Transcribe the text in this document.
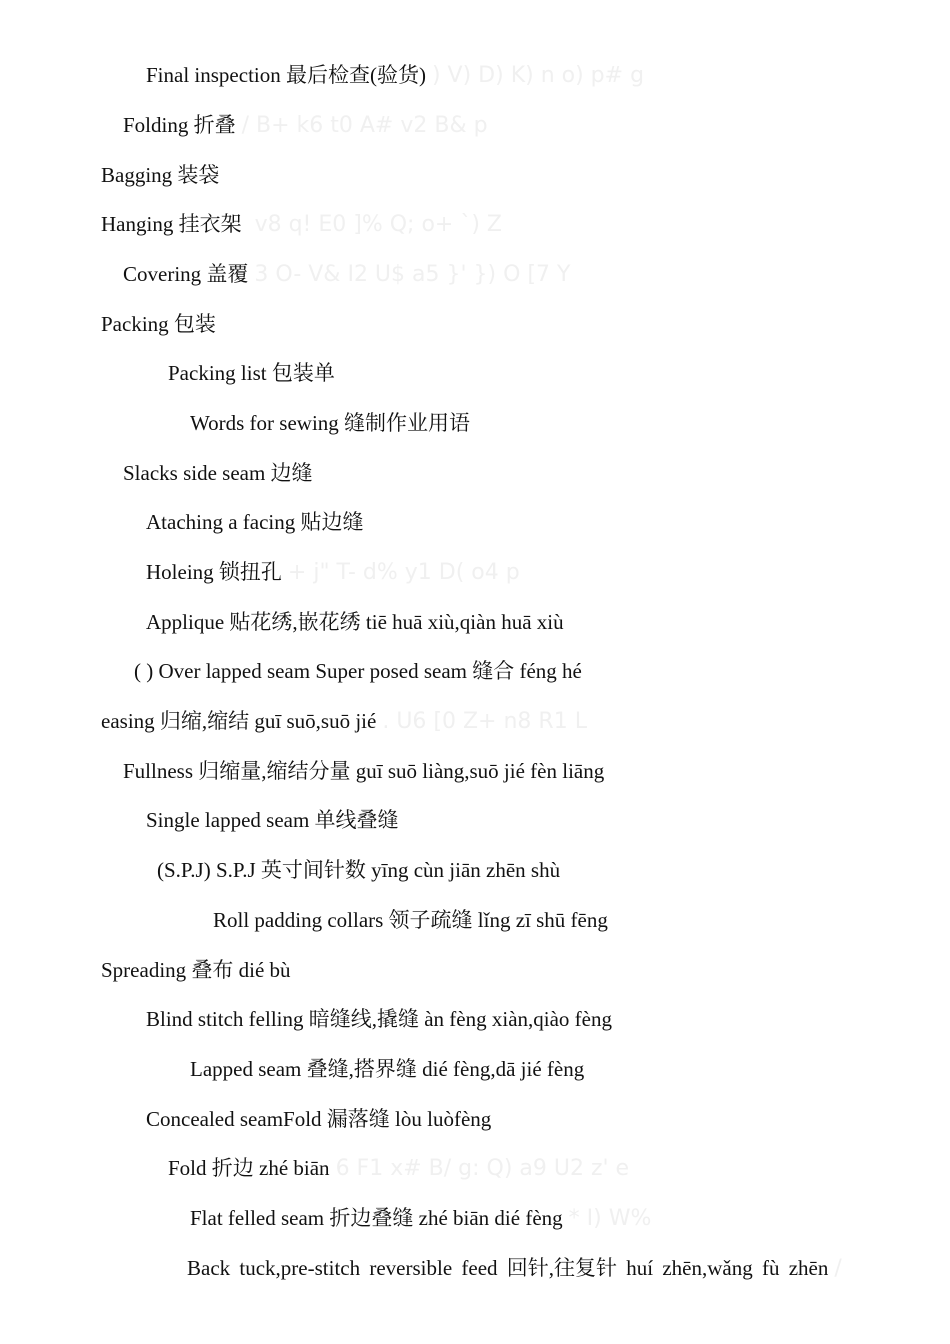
Final inspection 最后检查(验货) ) V) D) K) n o) p# g
Folding 折叠 / B+ k6 t0 A# v2 B& p
Bagging 装袋
Hanging 挂衣架 v8 q! E0 ]% Q; o+ `) Z
Covering 盖覆 3 O- V& I2 U$ a5 }' }) O [7 Y
Packing 包装
Packing list 包装单
Words for sewing 缝制作业用语
Slacks side seam 边缝
Ataching a facing 贴边缝
Holeing 锁扭孔 + j" T- d% y1 D( o4 p
Applique 贴花绣,嵌花绣 tiē huā xiù,qiàn huā xiù
( ) Over lapped seam Super posed seam 缝合 féng hé
easing 归缩,缩结 guī suō,suō jié . U6 [0 Z+ n8 R1 L
Fullness 归缩量,缩结分量 guī suō liàng,suō jié fèn liāng
Single lapped seam 单线叠缝
(S.P.J) S.P.J 英寸间针数 yīng cùn jiān zhēn shù
Roll padding collars 领子疏缝 lǐng zī shū fēng
Spreading 叠布 dié bù
Blind stitch felling 暗缝线,撬缝 àn fèng xiàn,qiào fèng
Lapped seam 叠缝,搭界缝 dié fèng,dā jié fèng
Concealed seamFold 漏落缝 lòu luòfèng
Fold 折边 zhé biān 6 F1 x# B/ g: Q) a9 U2 z' e
Flat felled seam 折边叠缝 zhé biān dié fèng * I) W%
Back tuck,pre-stitch reversible feed 回针,往复针 huí zhēn,wǎng fù zhēn /
